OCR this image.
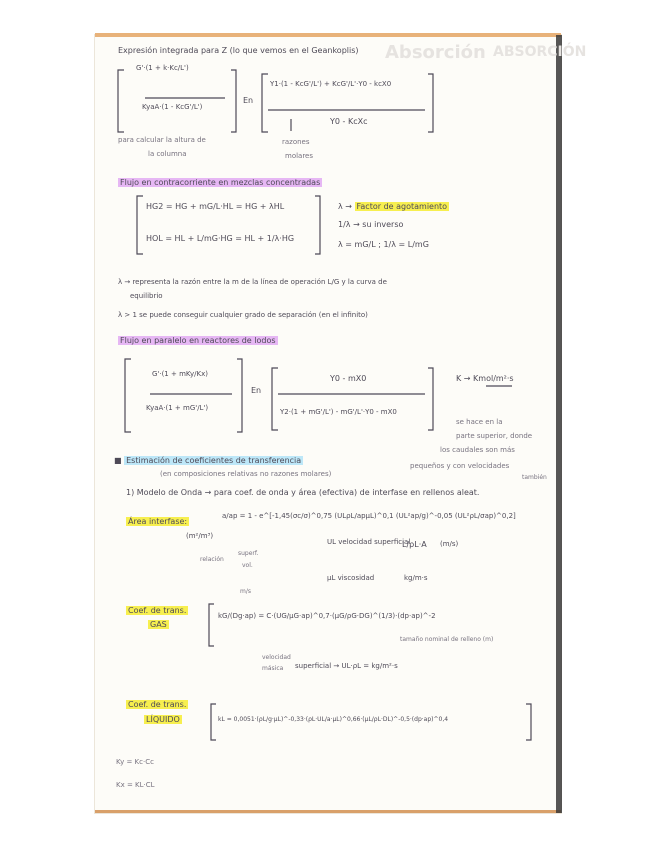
Absorción ABSORCIÓN
Expresión integrada para Z (lo que vemos en el Geankoplis)
G'·(1 + k·Kc/L')
KyaA·(1 - KcG'/L')
En
Y1·(1 - KcG'/L') + KcG'/L'·Y0 - kcX0
Y0 - KcXc
para calcular la altura de
la columna
razones
molares
Flujo en contracorriente en mezclas concentradas
HG2 = HG + mG/L·HL = HG + λHL
HOL = HL + L/mG·HG = HL + 1/λ·HG
λ → Factor de agotamiento
1/λ → su inverso
λ = mG/L ; 1/λ = L/mG
λ → representa la razón entre la m de la línea de operación L/G y la curva de
equilibrio
λ > 1 se puede conseguir cualquier grado de separación (en el infinito)
Flujo en paralelo en reactores de lodos
G'·(1 + mKy/Kx)
KyaA·(1 + mG'/L')
En
Y0 - mX0
Y2·(1 + mG'/L') - mG'/L'·Y0 - mX0
K → Kmol/m²·s
se hace en la
parte superior, donde
los caudales son más
pequeños y con velocidades
también
■ Estimación de coeficientes de transferencia
(en composiciones relativas no razones molares)
1) Modelo de Onda → para coef. de onda y área (efectiva) de interfase en rellenos aleat.
Área interfase:
(m²/m³)
a/ap = 1 - e^[-1,45(σc/σ)^0,75 (ULρL/apμL)^0,1 (UL²ap/g)^-0,05 (UL²ρL/σap)^0,2]
relación
superf.
vol.
UL velocidad superficial
L/ρL·A (m/s)
μL viscosidad	kg/m·s
m/s
Coef. de trans.
GAS
kG/(Dg·ap) = C·(UG/μG·ap)^0,7·(μG/ρG·DG)^(1/3)·(dp·ap)^-2
tamaño nominal de relleno (m)
velocidad
másica superficial → UL·ρL = kg/m²·s
Coef. de trans.
LÍQUIDO	kL = 0,0051·(ρL/g·μL)^-0,33·(ρL·UL/a·μL)^0,66·(μL/ρL·DL)^-0,5·(dp·ap)^0,4
Ky = Kc·Cc
Kx = KL·CL
